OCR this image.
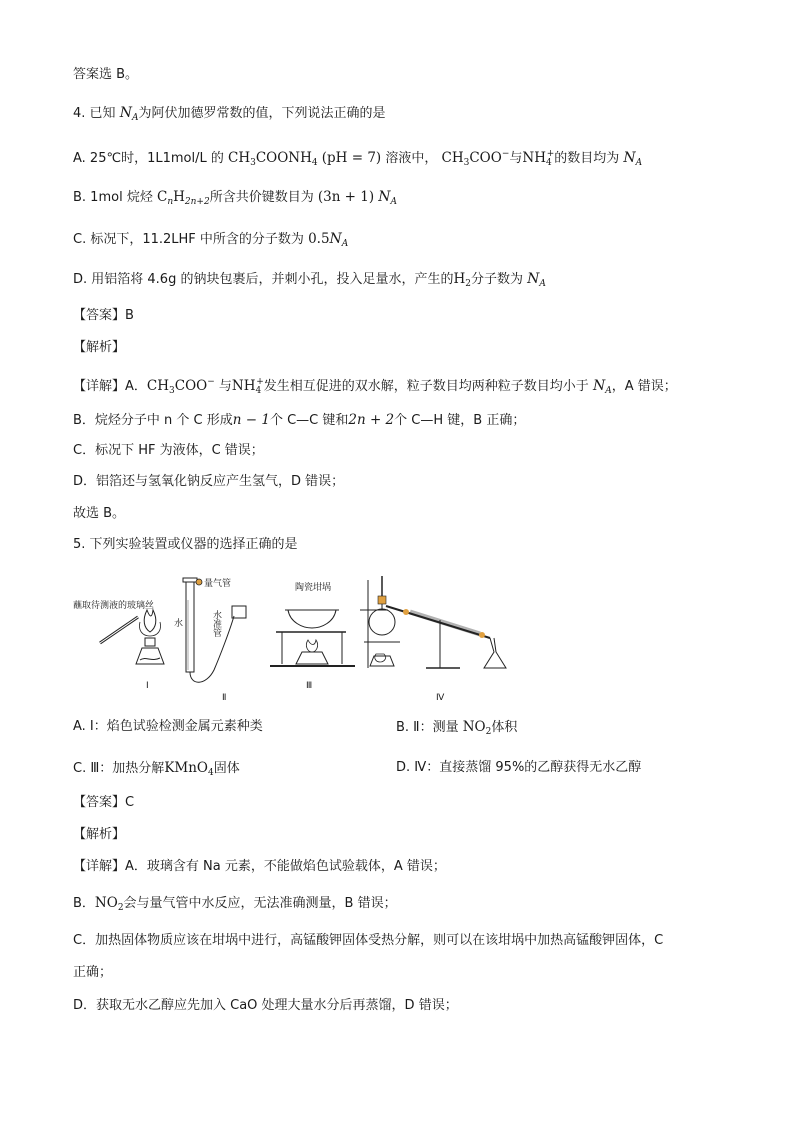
答案选 B。
4. 已知 $N_A$为阿伏加德罗常数的值，下列说法正确的是
A. 25℃时，1L1mol/L 的 $CH_3COONH_4$ (pH = 7) 溶液中， $CH_3COO^-$与$NH_4^+$的数目均为 $N_A$
B. 1mol 烷烃 $C_nH_{2n+2}$所含共价键数目为 (3n + 1) $N_A$
C. 标况下，11.2LHF 中所含的分子数为 $0.5N_A$
D. 用铝箔将 4.6g 的钠块包裹后，并刺小孔，投入足量水，产生的$H_2$分子数为 $N_A$
【答案】B
【解析】
【详解】A．$CH_3COO^-$ 与$NH_4^+$发生相互促进的双水解，粒子数目均两种粒子数目均小于 $N_A$，A 错误；
B．烷烃分子中 n 个 C 形成n − 1个 C—C 键和2n + 2个 C—H 键，B 正确；
C．标况下 HF 为液体，C 错误；
D．铝箔还与氢氧化钠反应产生氢气，D 错误；
故选 B。
5. 下列实验装置或仪器的选择正确的是
蘸取待测液的玻璃丝
Ⅰ
量气管
水	水准管
Ⅱ
陶瓷坩埚
Ⅲ
Ⅳ
A. Ⅰ：焰色试验检测金属元素种类	B. Ⅱ：测量 $NO_2$体积
C. Ⅲ：加热分解KMnO$_4$固体	D. Ⅳ：直接蒸馏 95%的乙醇获得无水乙醇
【答案】C
【解析】
【详解】A．玻璃含有 Na 元素，不能做焰色试验载体，A 错误；
B．$NO_2$会与量气管中水反应，无法准确测量，B 错误；
C．加热固体物质应该在坩埚中进行，高锰酸钾固体受热分解，则可以在该坩埚中加热高锰酸钾固体，C
正确；
D．获取无水乙醇应先加入 CaO 处理大量水分后再蒸馏，D 错误；
